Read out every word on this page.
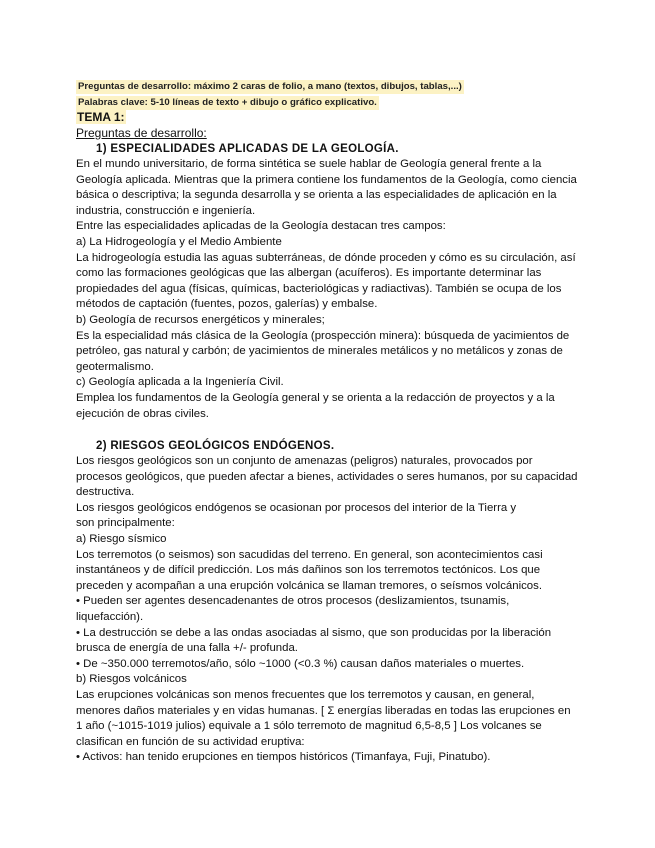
Preguntas de desarrollo: máximo 2 caras de folio, a mano (textos, dibujos, tablas,...)
Palabras clave: 5-10 líneas de texto + dibujo o gráfico explicativo.
TEMA 1:
Preguntas de desarrollo:
1) ESPECIALIDADES APLICADAS DE LA GEOLOGÍA.

En el mundo universitario, de forma sintética se suele hablar de Geología general frente a la Geología aplicada. Mientras que la primera contiene los fundamentos de la Geología, como ciencia básica o descriptiva; la segunda desarrolla y se orienta a las especialidades de aplicación en la industria, construcción e ingeniería.

Entre las especialidades aplicadas de la Geología destacan tres campos:

a) La Hidrogeología y el Medio Ambiente

La hidrogeología estudia las aguas subterráneas, de dónde proceden y cómo es su circulación, así como las formaciones geológicas que las albergan (acuíferos). Es importante determinar las propiedades del agua (físicas, químicas, bacteriológicas y radiactivas). También se ocupa de los métodos de captación (fuentes, pozos, galerías) y embalse.

b) Geología de recursos energéticos y minerales;

Es la especialidad más clásica de la Geología (prospección minera): búsqueda de yacimientos de petróleo, gas natural y carbón; de yacimientos de minerales metálicos y no metálicos y zonas de geotermalismo.

c) Geología aplicada a la Ingeniería Civil.

Emplea los fundamentos de la Geología general y se orienta a la redacción de proyectos y a la ejecución de obras civiles.

2) RIESGOS GEOLÓGICOS ENDÓGENOS.

Los riesgos geológicos son un conjunto de amenazas (peligros) naturales, provocados por procesos geológicos, que pueden afectar a bienes, actividades o seres humanos, por su capacidad destructiva.

Los riesgos geológicos endógenos se ocasionan por procesos del interior de la Tierra y

son principalmente:

a) Riesgo sísmico

Los terremotos (o seismos) son sacudidas del terreno. En general, son acontecimientos casi instantáneos y de difícil predicción. Los más dañinos son los terremotos tectónicos. Los que preceden y acompañan a una erupción volcánica se llaman tremores, o seísmos volcánicos.

• Pueden ser agentes desencadenantes de otros procesos (deslizamientos, tsunamis, liquefacción).

• La destrucción se debe a las ondas asociadas al sismo, que son producidas por la liberación brusca de energía de una falla +/- profunda.

• De ~350.000 terremotos/año, sólo ~1000 (<0.3 %) causan daños materiales o muertes.

b) Riesgos volcánicos

Las erupciones volcánicas son menos frecuentes que los terremotos y causan, en general, menores daños materiales y en vidas humanas. [ Σ energías liberadas en todas las erupciones en 1 año (~1015-1019 julios) equivale a 1 sólo terremoto de magnitud 6,5-8,5 ] Los volcanes se clasifican en función de su actividad eruptiva:

• Activos: han tenido erupciones en tiempos históricos (Timanfaya, Fuji, Pinatubo).
